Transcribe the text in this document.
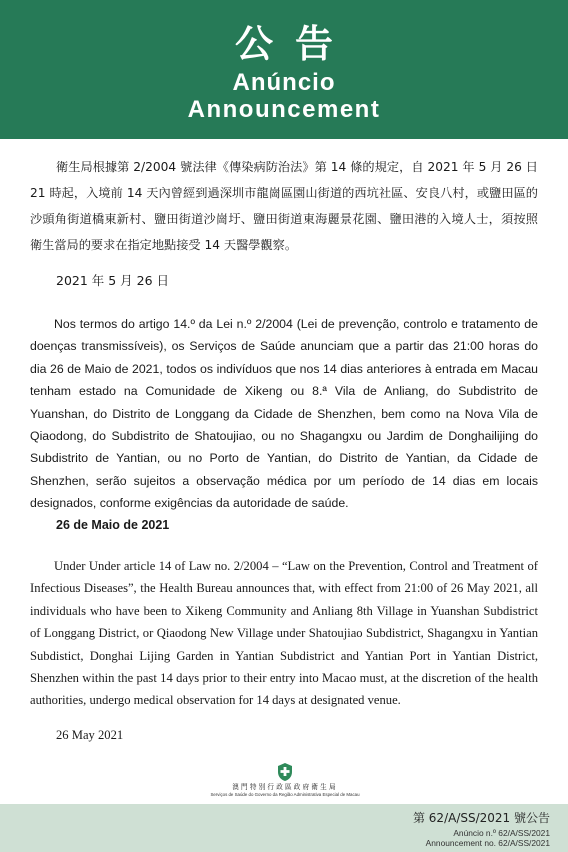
公告
Anúncio
Announcement

衛生局根據第 2/2004 號法律《傳染病防治法》第 14 條的規定，自 2021 年 5 月 26 日 21 時起，入境前 14 天內曾經到過深圳市龍崗區園山街道的西坑社區、安良八村，或鹽田區的沙頭角街道橋東新村、鹽田街道沙崗圩、鹽田街道東海麗景花園、鹽田港的入境人士，須按照衛生當局的要求在指定地點接受 14 天醫學觀察。

2021 年 5 月 26 日

Nos termos do artigo 14.º da Lei n.º 2/2004 (Lei de prevenção, controlo e tratamento de doenças transmissíveis), os Serviços de Saúde anunciam que a partir das 21:00 horas do dia 26 de Maio de 2021, todos os indivíduos que nos 14 dias anteriores à entrada em Macau tenham estado na Comunidade de Xikeng ou 8.ª Vila de Anliang, do Subdistrito de Yuanshan, do Distrito de Longgang da Cidade de Shenzhen, bem como na Nova Vila de Qiaodong, do Subdistrito de Shatoujiao, ou no Shagangxu ou Jardim de Donghailijing do Subdistrito de Yantian, ou no Porto de Yantian, do Distrito de Yantian, da Cidade de Shenzhen, serão sujeitos a observação médica por um período de 14 dias em locais designados, conforme exigências da autoridade de saúde.

26 de Maio de 2021

Under Under article 14 of Law no. 2/2004 – “Law on the Prevention, Control and Treatment of Infectious Diseases”, the Health Bureau announces that, with effect from 21:00 of 26 May 2021, all individuals who have been to Xikeng Community and Anliang 8th Village in Yuanshan Subdistrict of Longgang District, or Qiaodong New Village under Shatoujiao Subdistrict, Shagangxu in Yantian Subdistict, Donghai Lijing Garden in Yantian Subdistrict and Yantian Port in Yantian District, Shenzhen within the past 14 days prior to their entry into Macao must, at the discretion of the health authorities, undergo medical observation for 14 days at designated venue.

26 May 2021
澳門特別行政區政府衛生局
Serviços de Saúde do Governo da Região Administrativa Especial de Macau
第 62/A/SS/2021 號公告
Anúncio n.º 62/A/SS/2021
Announcement no. 62/A/SS/2021
